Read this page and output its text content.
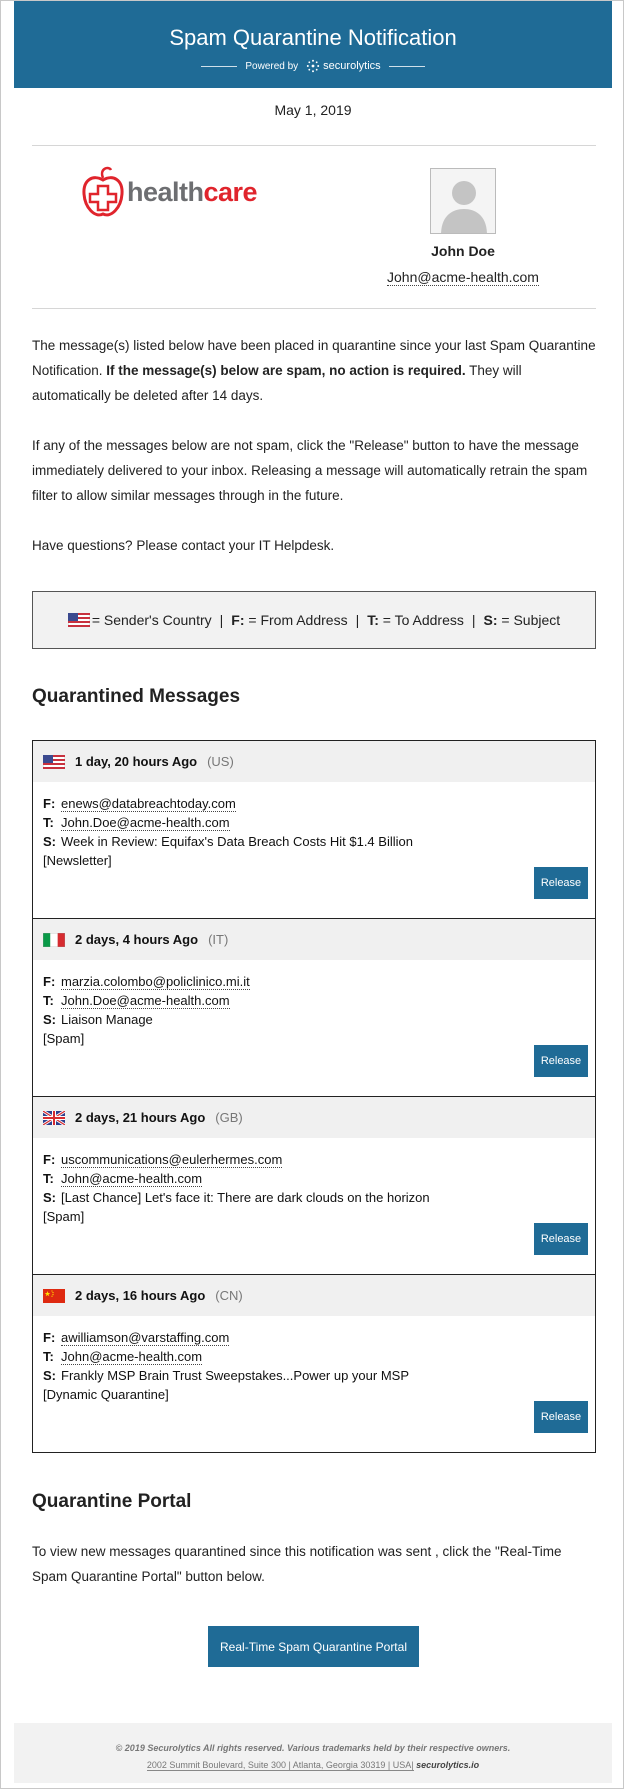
Spam Quarantine Notification
Powered by securolytics
May 1, 2019
healthcare
John Doe
John@acme-health.com
The message(s) listed below have been placed in quarantine since your last Spam Quarantine Notification. If the message(s) below are spam, no action is required. They will automatically be deleted after 14 days.
If any of the messages below are not spam, click the "Release" button to have the message immediately delivered to your inbox. Releasing a message will automatically retrain the spam filter to allow similar messages through in the future.
Have questions? Please contact your IT Helpdesk.
= Sender's Country | F:
= From Address | T:
= To Address | S:
= Subject
Quarantined Messages
1 day, 20 hours Ago (US)
F: enews@databreachtoday.com
T: John.Doe@acme-health.com
S: Week in Review: Equifax's Data Breach Costs Hit $1.4 Billion
[Newsletter]
Release
2 days, 4 hours Ago (IT)
F: marzia.colombo@policlinico.mi.it
T: John.Doe@acme-health.com
S: Liaison Manage
[Spam]
Release
2 days, 21 hours Ago (GB)
F: uscommunications@eulerhermes.com
T: John@acme-health.com
S: [Last Chance] Let's face it: There are dark clouds on the horizon
[Spam]
Release
2 days, 16 hours Ago (CN)
F: awilliamson@varstaffing.com
T: John@acme-health.com
S: Frankly MSP Brain Trust Sweepstakes...Power up your MSP
[Dynamic Quarantine]
Release
Quarantine Portal
To view new messages quarantined since this notification was sent , click the "Real-Time Spam Quarantine Portal" button below.
Real-Time Spam Quarantine Portal
© 2019 Securolytics All rights reserved. Various trademarks held by their respective owners.
2002 Summit Boulevard, Suite 300 | Atlanta, Georgia 30319 | USA| securolytics.io
